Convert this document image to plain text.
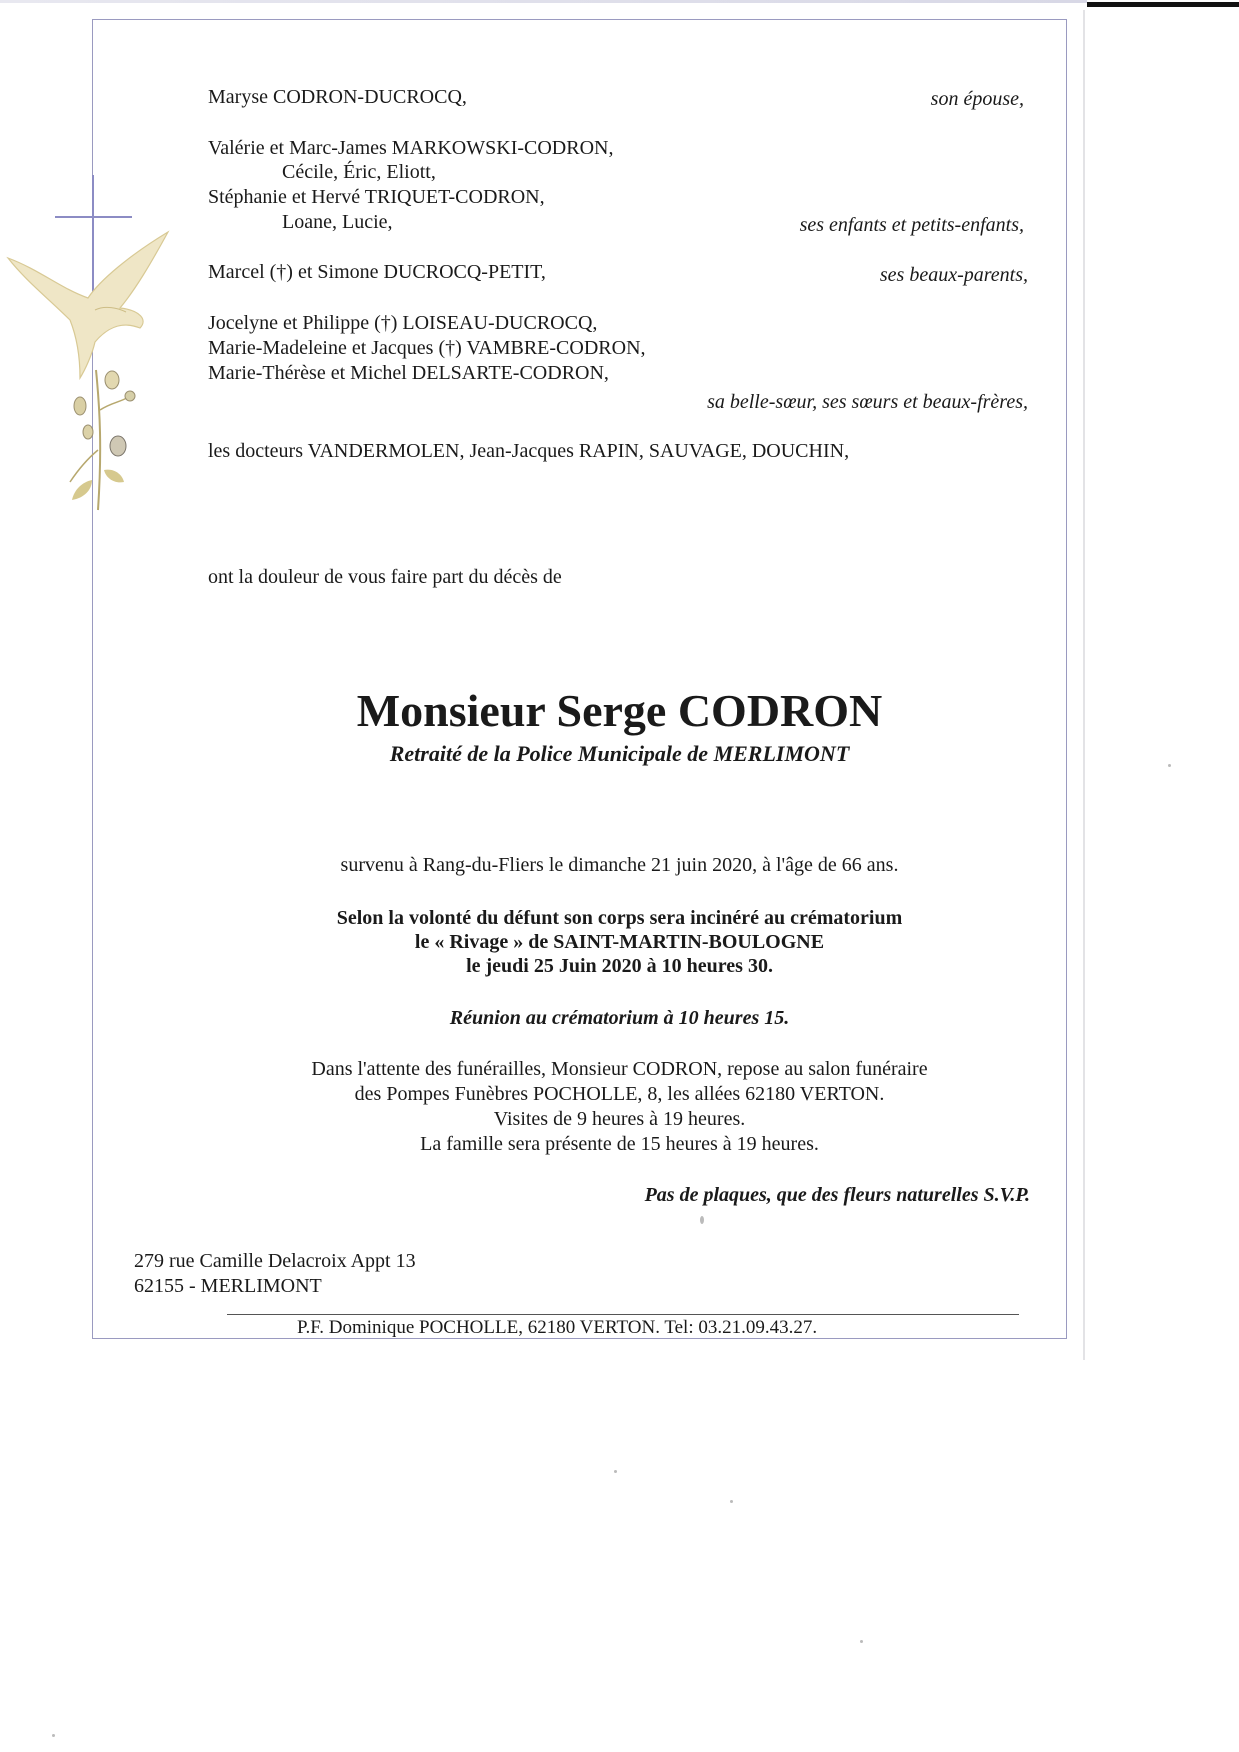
Maryse CODRON-DUCROCQ,	son épouse,
Valérie et Marc-James MARKOWSKI-CODRON,
Cécile, Éric, Eliott,
Stéphanie et Hervé TRIQUET-CODRON,
Loane, Lucie,	ses enfants et petits-enfants,
Marcel (†) et Simone DUCROCQ-PETIT,	ses beaux-parents,
Jocelyne et Philippe (†) LOISEAU-DUCROCQ,
Marie-Madeleine et Jacques (†) VAMBRE-CODRON,
Marie-Thérèse et Michel DELSARTE-CODRON,
sa belle-sœur, ses sœurs et beaux-frères,
les docteurs VANDERMOLEN, Jean-Jacques RAPIN, SAUVAGE, DOUCHIN,
ont la douleur de vous faire part du décès de
Monsieur Serge CODRON
Retraité de la Police Municipale de MERLIMONT
survenu à Rang-du-Fliers le dimanche 21 juin 2020, à l'âge de 66 ans.
Selon la volonté du défunt son corps sera incinéré au crématorium
le « Rivage » de SAINT-MARTIN-BOULOGNE
le jeudi 25 Juin 2020 à 10 heures 30.
Réunion au crématorium à 10 heures 15.
Dans l'attente des funérailles, Monsieur CODRON, repose au salon funéraire
des Pompes Funèbres POCHOLLE, 8, les allées 62180 VERTON.
Visites de 9 heures à 19 heures.
La famille sera présente de 15 heures à 19 heures.
Pas de plaques, que des fleurs naturelles S.V.P.
279 rue Camille Delacroix Appt 13
62155 - MERLIMONT
P.F. Dominique POCHOLLE, 62180 VERTON. Tel: 03.21.09.43.27.
